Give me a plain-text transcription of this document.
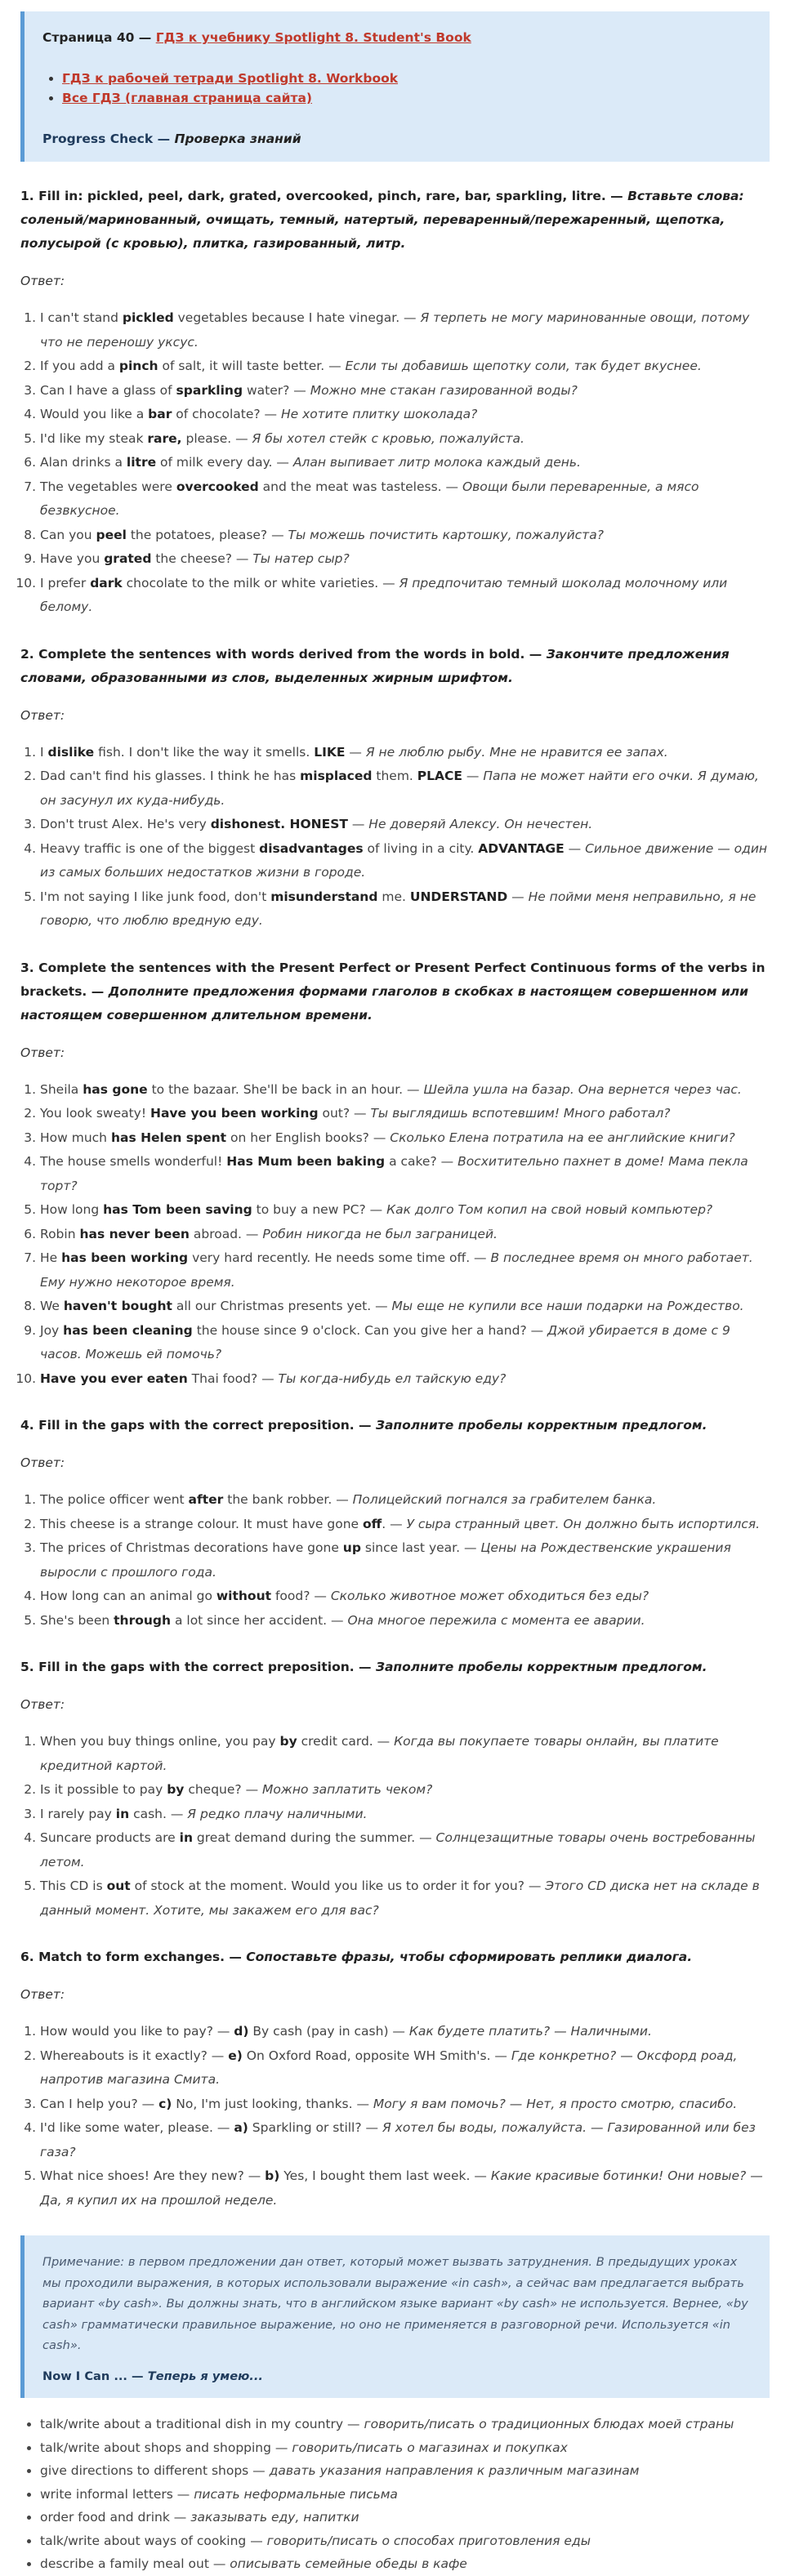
Страница 40 — ГДЗ к учебнику Spotlight 8. Student's Book

• ГДЗ к рабочей тетради Spotlight 8. Workbook
• Все ГДЗ (главная страница сайта)

Progress Check — Проверка знаний

1. Fill in: pickled, peel, dark, grated, overcooked, pinch, rare, bar, sparkling, litre. — Вставьте слова: соленый/маринованный, очищать, темный, натертый, переваренный/пережаренный, щепотка, полусырой (с кровью), плитка, газированный, литр.
Ответ:
1. I can't stand pickled vegetables because I hate vinegar. — Я терпеть не могу маринованные овощи, потому что не переношу уксус.
2. If you add a pinch of salt, it will taste better. — Если ты добавишь щепотку соли, так будет вкуснее.
3. Can I have a glass of sparkling water? — Можно мне стакан газированной воды?
4. Would you like a bar of chocolate? — Не хотите плитку шоколада?
5. I'd like my steak rare, please. — Я бы хотел стейк с кровью, пожалуйста.
6. Alan drinks a litre of milk every day. — Алан выпивает литр молока каждый день.
7. The vegetables were overcooked and the meat was tasteless. — Овощи были переваренные, а мясо безвкусное.
8. Can you peel the potatoes, please? — Ты можешь почистить картошку, пожалуйста?
9. Have you grated the cheese? — Ты натер сыр?
10. I prefer dark chocolate to the milk or white varieties. — Я предпочитаю темный шоколад молочному или белому.
2. Complete the sentences with words derived from the words in bold. — Закончите предложения словами, образованными из слов, выделенных жирным шрифтом.
Ответ:
1. I dislike fish. I don't like the way it smells. LIKE — Я не люблю рыбу. Мне не нравится ее запах.
2. Dad can't find his glasses. I think he has misplaced them. PLACE — Папа не может найти его очки. Я думаю, он засунул их куда-нибудь.
3. Don't trust Alex. He's very dishonest. HONEST — Не доверяй Алексу. Он нечестен.
4. Heavy traffic is one of the biggest disadvantages of living in a city. ADVANTAGE — Сильное движение — один из самых больших недостатков жизни в городе.
5. I'm not saying I like junk food, don't misunderstand me. UNDERSTAND — Не пойми меня неправильно, я не говорю, что люблю вредную еду.
3. Complete the sentences with the Present Perfect or Present Perfect Continuous forms of the verbs in brackets. — Дополните предложения формами глаголов в скобках в настоящем совершенном или настоящем совершенном длительном времени.
Ответ:
1. Sheila has gone to the bazaar. She'll be back in an hour. — Шейла ушла на базар. Она вернется через час.
2. You look sweaty! Have you been working out? — Ты выглядишь вспотевшим! Много работал?
3. How much has Helen spent on her English books? — Сколько Елена потратила на ее английские книги?
4. The house smells wonderful! Has Mum been baking a cake? — Восхитительно пахнет в доме! Мама пекла торт?
5. How long has Tom been saving to buy a new PC? — Как долго Том копил на свой новый компьютер?
6. Robin has never been abroad. — Робин никогда не был заграницей.
7. He has been working very hard recently. He needs some time off. — В последнее время он много работает. Ему нужно некоторое время.
8. We haven't bought all our Christmas presents yet. — Мы еще не купили все наши подарки на Рождество.
9. Joy has been cleaning the house since 9 o'clock. Can you give her a hand? — Джой убирается в доме с 9 часов. Можешь ей помочь?
10. Have you ever eaten Thai food? — Ты когда-нибудь ел тайскую еду?
4. Fill in the gaps with the correct preposition. — Заполните пробелы корректным предлогом.
Ответ:
1. The police officer went after the bank robber. — Полицейский погнался за грабителем банка.
2. This cheese is a strange colour. It must have gone off. — У сыра странный цвет. Он должно быть испортился.
3. The prices of Christmas decorations have gone up since last year. — Цены на Рождественские украшения выросли с прошлого года.
4. How long can an animal go without food? — Сколько животное может обходиться без еды?
5. She's been through a lot since her accident. — Она многое пережила с момента ее аварии.
5. Fill in the gaps with the correct preposition. — Заполните пробелы корректным предлогом.
Ответ:
1. When you buy things online, you pay by credit card. — Когда вы покупаете товары онлайн, вы платите кредитной картой.
2. Is it possible to pay by cheque? — Можно заплатить чеком?
3. I rarely pay in cash. — Я редко плачу наличными.
4. Suncare products are in great demand during the summer. — Солнцезащитные товары очень востребованны летом.
5. This CD is out of stock at the moment. Would you like us to order it for you? — Этого CD диска нет на складе в данный момент. Хотите, мы закажем его для вас?
6. Match to form exchanges. — Сопоставьте фразы, чтобы сформировать реплики диалога.
Ответ:
1. How would you like to pay? — d) By cash (pay in cash) — Как будете платить? — Наличными.
2. Whereabouts is it exactly? — e) On Oxford Road, opposite WH Smith's. — Где конкретно? — Оксфорд роад, напротив магазина Смита.
3. Can I help you? — c) No, I'm just looking, thanks. — Могу я вам помочь? — Нет, я просто смотрю, спасибо.
4. I'd like some water, please. — a) Sparkling or still? — Я хотел бы воды, пожалуйста. — Газированной или без газа?
5. What nice shoes! Are they new? — b) Yes, I bought them last week. — Какие красивые ботинки! Они новые? — Да, я купил их на прошлой неделе.
Примечание: в первом предложении дан ответ, который может вызвать затруднения. В предыдущих уроках мы проходили выражения, в которых использовали выражение «in cash», а сейчас вам предлагается выбрать вариант «by cash». Вы должны знать, что в английском языке вариант «by cash» не используется. Вернее, «by cash» грамматически правильное выражение, но оно не применяется в разговорной речи. Используется «in cash».
Now I Can ... — Теперь я умею...
• talk/write about a traditional dish in my country — говорить/писать о традиционных блюдах моей страны
• talk/write about shops and shopping — говорить/писать о магазинах и покупках
• give directions to different shops — давать указания направления к различным магазинам
• write informal letters — писать неформальные письма
• order food and drink — заказывать еду, напитки
• talk/write about ways of cooking — говорить/писать о способах приготовления еды
• describe a family meal out — описывать семейные обеды в кафе
